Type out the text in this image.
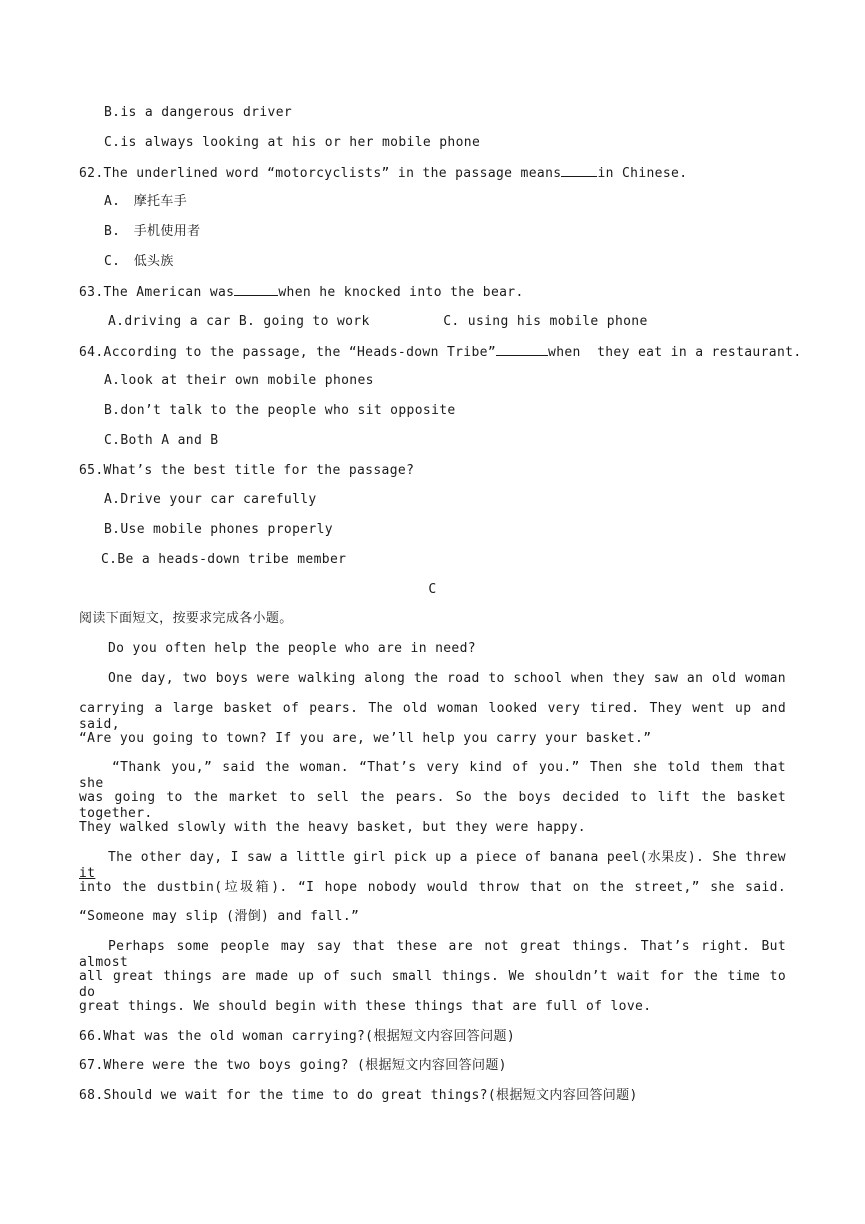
B.is a dangerous driver
C.is always looking at his or her mobile phone
62.The underlined word “motorcyclists” in the passage means	in Chinese.
A.　摩托车手
B.　手机使用者
C.　低头族
63.The American was	when he knocked into the bear.
A.driving a car B. going to work         C. using his mobile phone
64.According to the passage, the “Heads-down Tribe”	when  they eat in a restaurant.
A.look at their own mobile phones
B.don’t talk to the people who sit opposite
C.Both A and B
65.What’s the best title for the passage?
A.Drive your car carefully
B.Use mobile phones properly
C.Be a heads-down tribe member
C
阅读下面短文，按要求完成各小题。
Do you often help the people who are in need?
One day, two boys were walking along the road to school when they saw an old woman
carrying a large basket of pears. The old woman looked very tired. They went up and said,
“Are you going to town? If you are, we’ll help you carry your basket.”
“Thank you,” said the woman. “That’s very kind of you.” Then she told them that she
was going to the market to sell the pears. So the boys decided to lift the basket together.
They walked slowly with the heavy basket, but they were happy.
The other day, I saw a little girl pick up a piece of banana peel(水果皮). She threw it
into the dustbin(垃圾箱). “I hope nobody would throw that on the street,” she said.
“Someone may slip (滑倒) and fall.”
Perhaps some people may say that these are not great things. That’s right. But almost
all great things are made up of such small things. We shouldn’t wait for the time to do
great things. We should begin with these things that are full of love.
66.What was the old woman carrying?(根据短文内容回答问题)
67.Where were the two boys going? (根据短文内容回答问题)
68.Should we wait for the time to do great things?(根据短文内容回答问题)
